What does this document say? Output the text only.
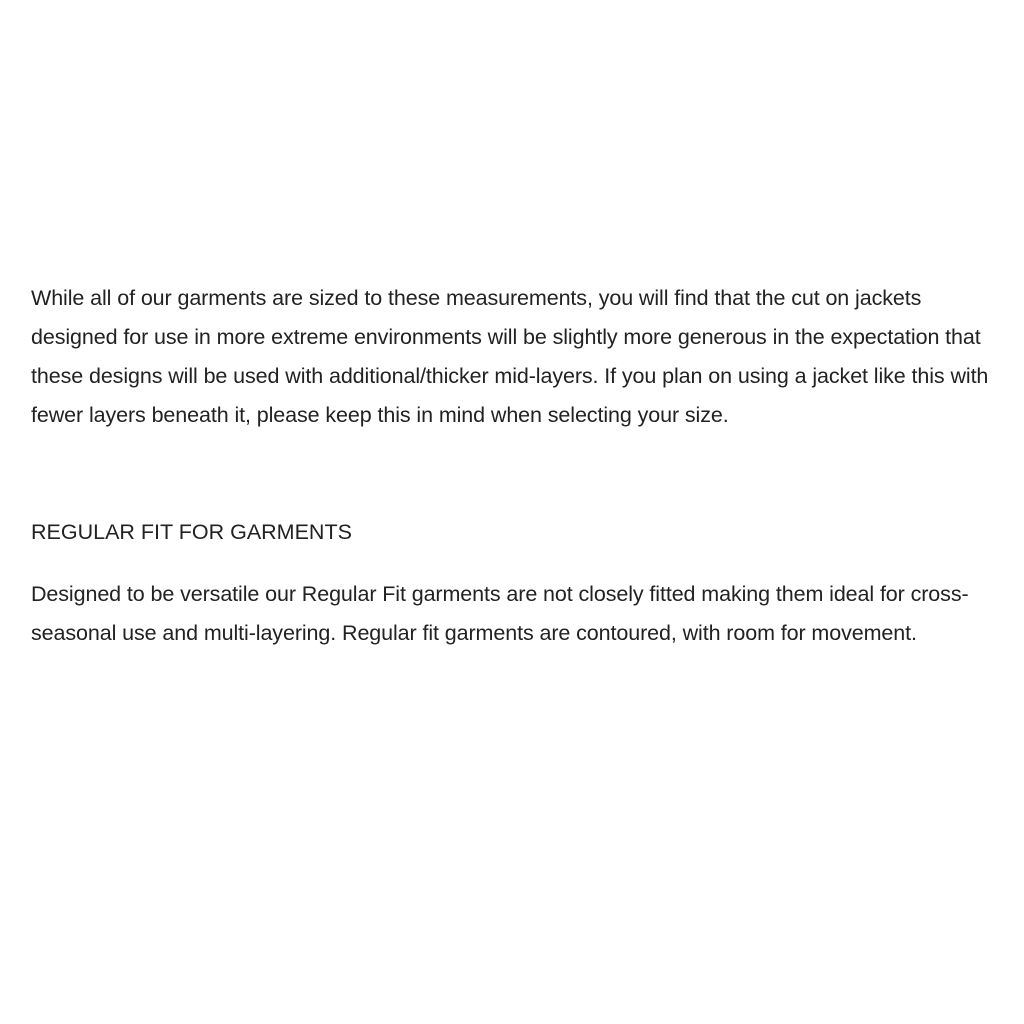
While all of our garments are sized to these measurements, you will find that the cut on jackets designed for use in more extreme environments will be slightly more generous in the expectation that these designs will be used with additional/thicker mid-layers. If you plan on using a jacket like this with fewer layers beneath it, please keep this in mind when selecting your size.

REGULAR FIT FOR GARMENTS

Designed to be versatile our Regular Fit garments are not closely fitted making them ideal for cross-seasonal use and multi-layering. Regular fit garments are contoured, with room for movement.
